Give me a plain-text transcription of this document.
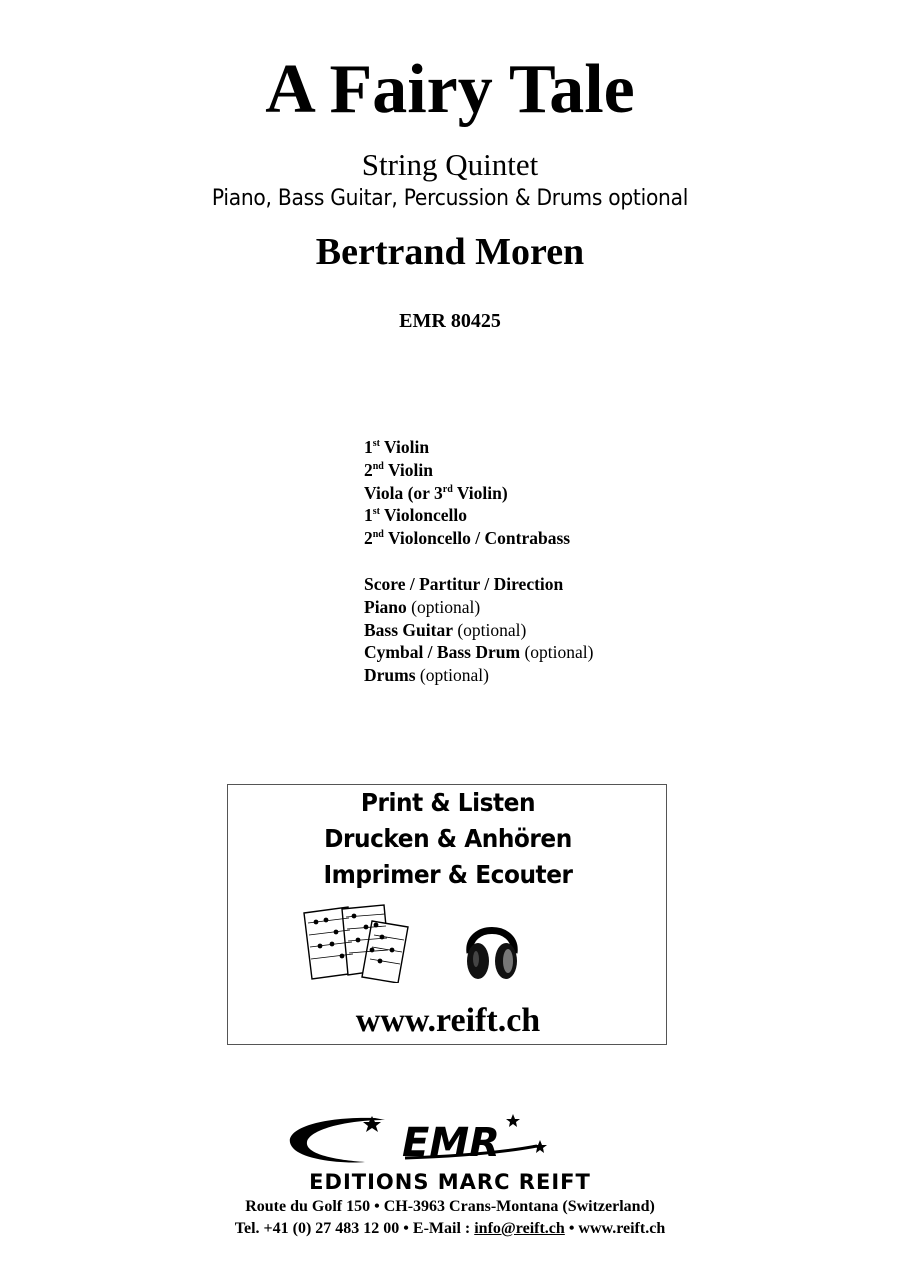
A Fairy Tale
String Quintet
Piano, Bass Guitar, Percussion & Drums optional
Bertrand Moren
EMR 80425
1st Violin
2nd Violin
Viola (or 3rd Violin)
1st Violoncello
2nd Violoncello / Contrabass
Score / Partitur / Direction
Piano (optional)
Bass Guitar (optional)
Cymbal / Bass Drum (optional)
Drums (optional)
Print & Listen
Drucken & Anhören
Imprimer & Ecouter
www.reift.ch
EMR
EDITIONS MARC REIFT
Route du Golf 150 • CH-3963 Crans-Montana (Switzerland)
Tel. +41 (0) 27 483 12 00 • E-Mail : info@reift.ch • www.reift.ch
